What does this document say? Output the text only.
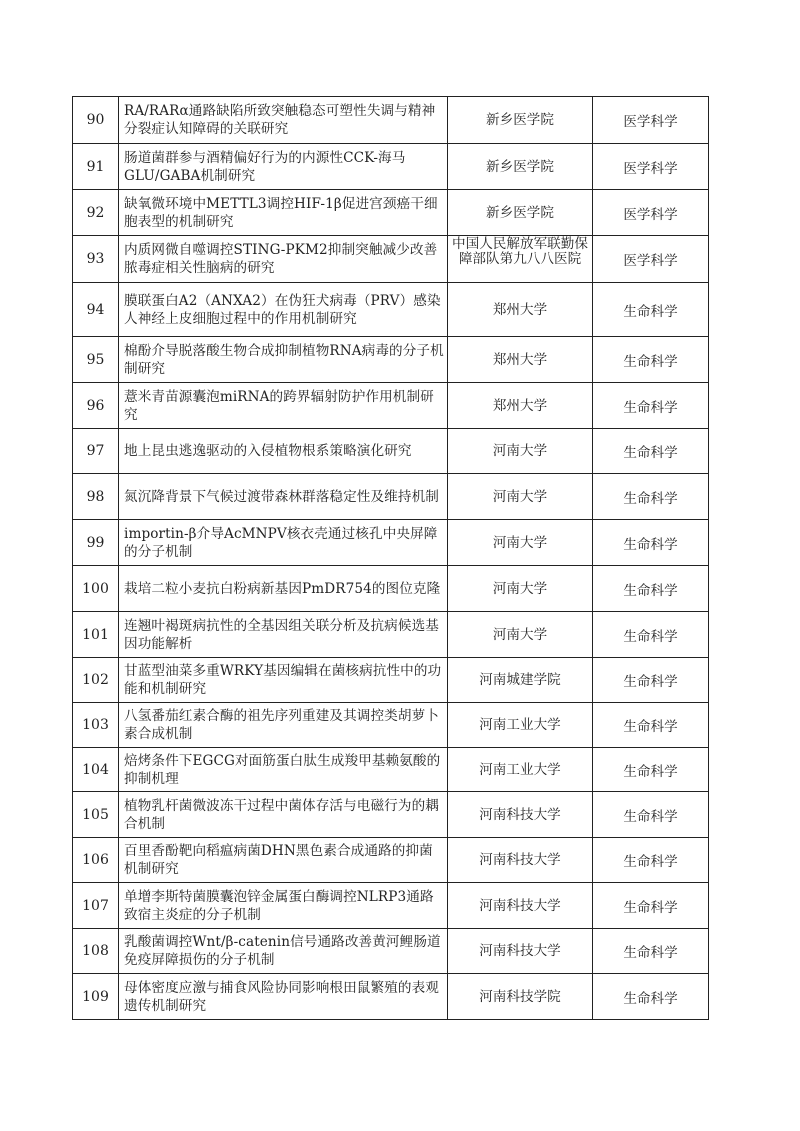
90	RA/RARα通路缺陷所致突触稳态可塑性失调与精神分裂症认知障碍的关联研究	新乡医学院	医学科学
91	肠道菌群参与酒精偏好行为的内源性CCK-海马GLU/GABA机制研究	新乡医学院	医学科学
92	缺氧微环境中METTL3调控HIF-1β促进宫颈癌干细胞表型的机制研究	新乡医学院	医学科学
93	内质网微自噬调控STING-PKM2抑制突触减少改善脓毒症相关性脑病的研究	中国人民解放军联勤保障部队第九八八医院	医学科学
94	膜联蛋白A2（ANXA2）在伪狂犬病毒（PRV）感染人神经上皮细胞过程中的作用机制研究	郑州大学	生命科学
95	棉酚介导脱落酸生物合成抑制植物RNA病毒的分子机制研究	郑州大学	生命科学
96	薏米青苗源囊泡miRNA的跨界辐射防护作用机制研究	郑州大学	生命科学
97	地上昆虫逃逸驱动的入侵植物根系策略演化研究	河南大学	生命科学
98	氮沉降背景下气候过渡带森林群落稳定性及维持机制	河南大学	生命科学
99	importin-β介导AcMNPV核衣壳通过核孔中央屏障的分子机制	河南大学	生命科学
100	栽培二粒小麦抗白粉病新基因PmDR754的图位克隆	河南大学	生命科学
101	连翘叶褐斑病抗性的全基因组关联分析及抗病候选基因功能解析	河南大学	生命科学
102	甘蓝型油菜多重WRKY基因编辑在菌核病抗性中的功能和机制研究	河南城建学院	生命科学
103	八氢番茄红素合酶的祖先序列重建及其调控类胡萝卜素合成机制	河南工业大学	生命科学
104	焙烤条件下EGCG对面筋蛋白肽生成羧甲基赖氨酸的抑制机理	河南工业大学	生命科学
105	植物乳杆菌微波冻干过程中菌体存活与电磁行为的耦合机制	河南科技大学	生命科学
106	百里香酚靶向稻瘟病菌DHN黑色素合成通路的抑菌机制研究	河南科技大学	生命科学
107	单增李斯特菌膜囊泡锌金属蛋白酶调控NLRP3通路致宿主炎症的分子机制	河南科技大学	生命科学
108	乳酸菌调控Wnt/β-catenin信号通路改善黄河鲤肠道免疫屏障损伤的分子机制	河南科技大学	生命科学
109	母体密度应激与捕食风险协同影响根田鼠繁殖的表观遗传机制研究	河南科技学院	生命科学
